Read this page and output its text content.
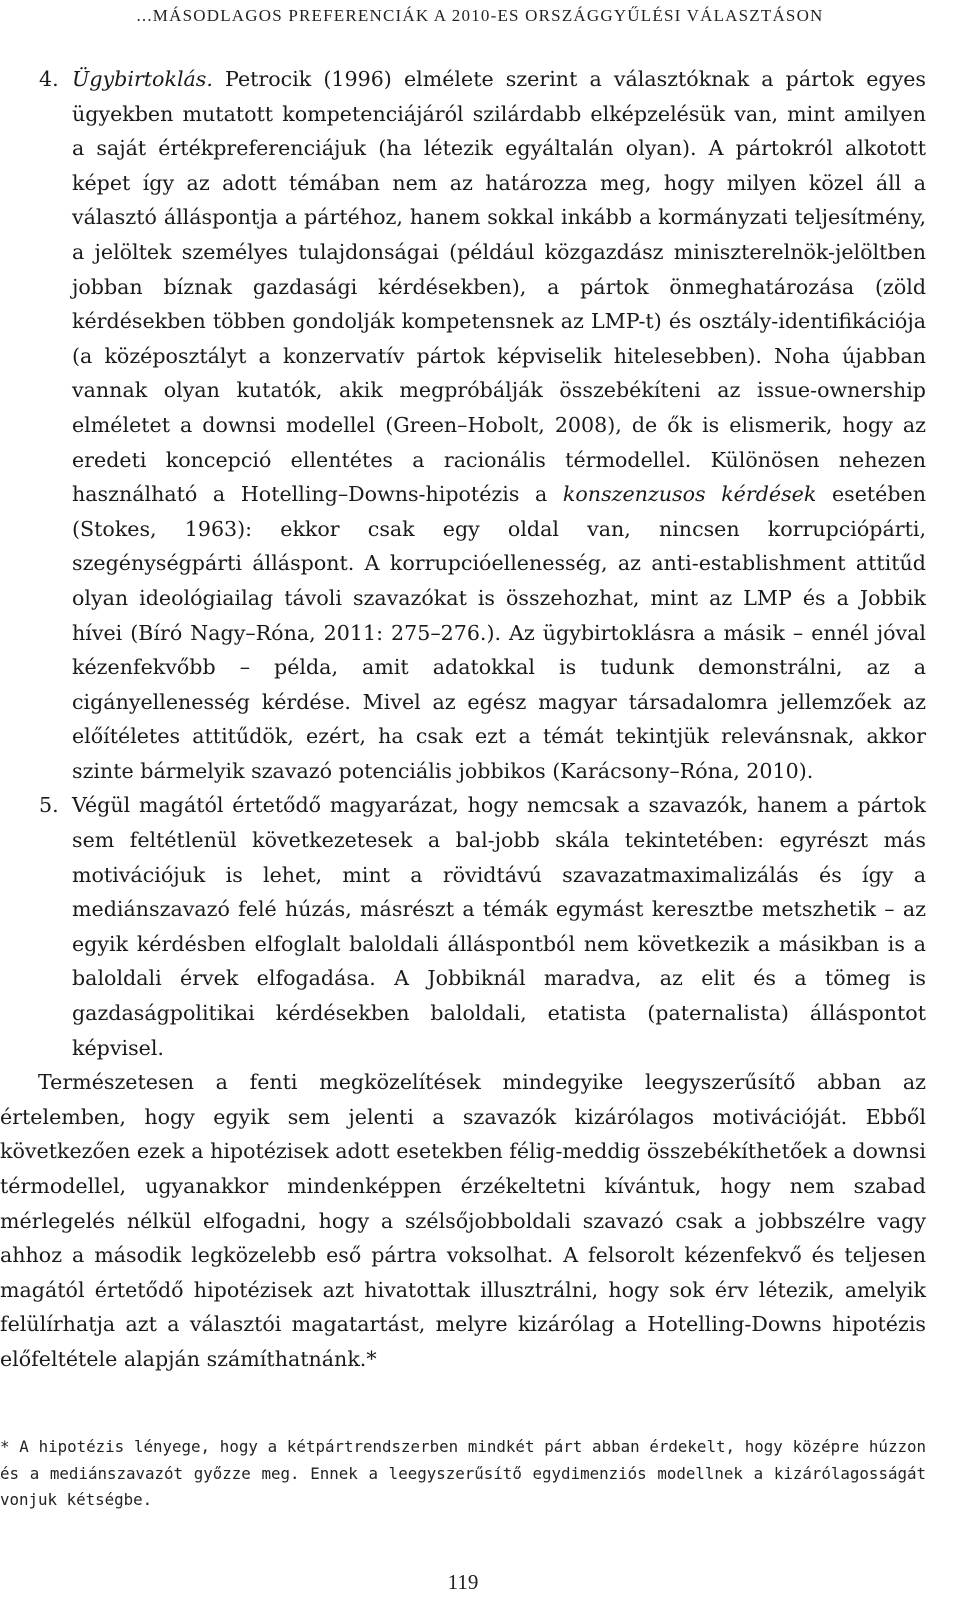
...MÁSODLAGOS PREFERENCIÁK A 2010-ES ORSZÁGGYŰLÉSI VÁLASZTÁSON
4. Ügybirtoklás. Petrocik (1996) elmélete szerint a választóknak a pártok egyes ügyekben mutatott kompetenciájáról szilárdabb elképzelésük van, mint amilyen a saját értékpreferenciájuk (ha létezik egyáltalán olyan). A pártokról alkotott képet így az adott témában nem az határozza meg, hogy milyen közel áll a választó álláspontja a pártéhoz, hanem sokkal inkább a kormányzati teljesítmény, a jelöltek személyes tulajdonságai (például közgazdász miniszterelnök-jelöltben jobban bíznak gazdasági kérdésekben), a pártok önmeghatározása (zöld kérdésekben többen gondolják kompetensnek az LMP-t) és osztály-identifikációja (a középosztályt a konzervatív pártok képviselik hitelesebben). Noha újabban vannak olyan kutatók, akik megpróbálják összebékíteni az issue-ownership elméletet a downsi modellel (Green–Hobolt, 2008), de ők is elismerik, hogy az eredeti koncepció ellentétes a racionális térmodellel. Különösen nehezen használható a Hotelling–Downs-hipotézis a konszenzusos kérdések esetében (Stokes, 1963): ekkor csak egy oldal van, nincsen korrupciópárti, szegénységpárti álláspont. A korrupcióellenesség, az anti-establishment attitűd olyan ideológiailag távoli szavazókat is összehozhat, mint az LMP és a Jobbik hívei (Bíró Nagy–Róna, 2011: 275–276.). Az ügybirtoklásra a másik – ennél jóval kézenfekvőbb – példa, amit adatokkal is tudunk demonstrálni, az a cigányellenesség kérdése. Mivel az egész magyar társadalomra jellemzőek az előítéletes attitűdök, ezért, ha csak ezt a témát tekintjük relevánsnak, akkor szinte bármelyik szavazó potenciális jobbikos (Karácsony–Róna, 2010).
5. Végül magától értetődő magyarázat, hogy nemcsak a szavazók, hanem a pártok sem feltétlenül következetesek a bal-jobb skála tekintetében: egyrészt más motivációjuk is lehet, mint a rövidtávú szavazatmaximalizálás és így a mediánszavazó felé húzás, másrészt a témák egymást keresztbe metszhetik – az egyik kérdésben elfoglalt baloldali álláspontból nem következik a másikban is a baloldali érvek elfogadása. A Jobbiknál maradva, az elit és a tömeg is gazdaságpolitikai kérdésekben baloldali, etatista (paternalista) álláspontot képvisel.
Természetesen a fenti megközelítések mindegyike leegyszerűsítő abban az értelemben, hogy egyik sem jelenti a szavazók kizárólagos motivációját. Ebből következően ezek a hipotézisek adott esetekben félig-meddig összebékíthetőek a downsi térmodellel, ugyanakkor mindenképpen érzékeltetni kívántuk, hogy nem szabad mérlegelés nélkül elfogadni, hogy a szélsőjobboldali szavazó csak a jobbszélre vagy ahhoz a második legközelebb eső pártra voksolhat. A felsorolt kézenfekvő és teljesen magától értetődő hipotézisek azt hivatottak illusztrálni, hogy sok érv létezik, amelyik felülírhatja azt a választói magatartást, melyre kizárólag a Hotelling-Downs hipotézis előfeltétele alapján számíthatnánk.*
* A hipotézis lényege, hogy a kétpártrendszerben mindkét párt abban érdekelt, hogy középre húzzon és a mediánszavazót győzze meg. Ennek a leegyszerűsítő egydimenziós modellnek a kizárólagosságát vonjuk kétségbe.
119
